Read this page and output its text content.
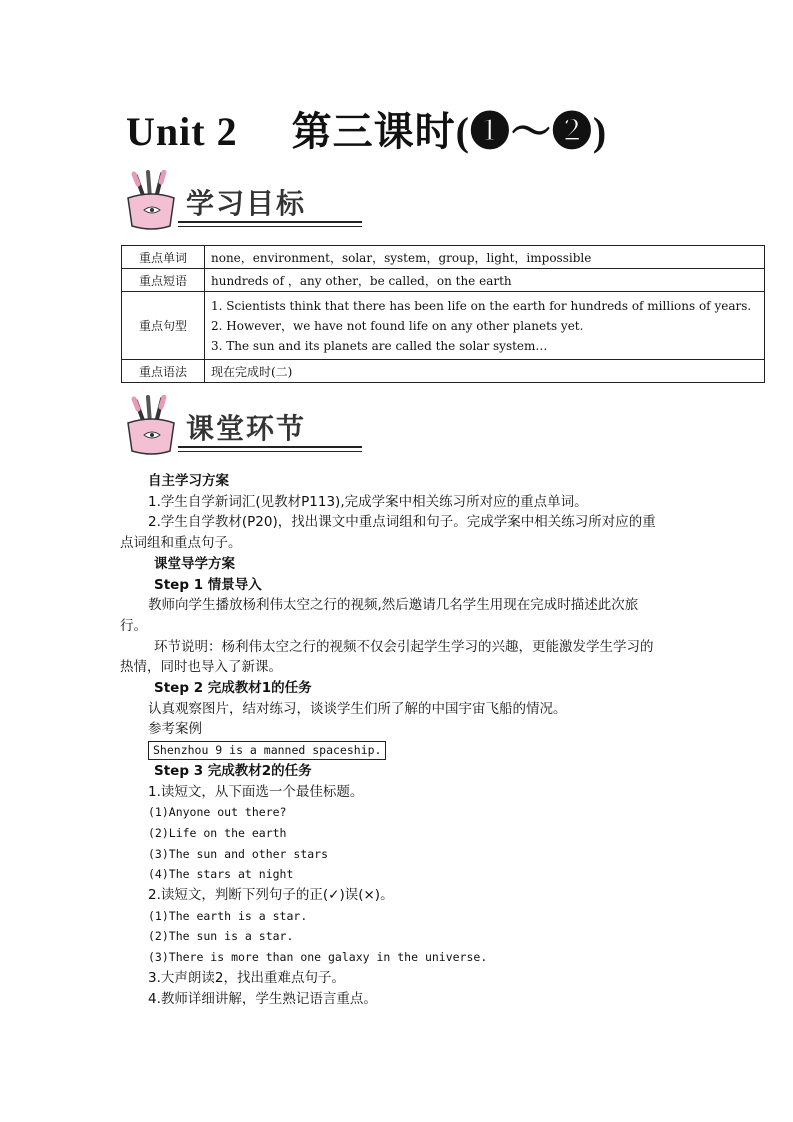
Unit 2 第三课时(❶～❷)
学习目标
重点单词	none，environment，solar，system，group，light，impossible
重点短语	hundreds of ，any other，be called，on the earth
重点句型	1. Scientists think that there has been life on the earth for hundreds of millions of years.
2. However，we have not found life on any other planets yet.
3. The sun and its planets are called the solar system…

重点语法	现在完成时(二)
课堂环节
自主学习方案
1.学生自学新词汇(见教材P113),完成学案中相关练习所对应的重点单词。
2.学生自学教材(P20)，找出课文中重点词组和句子。完成学案中相关练习所对应的重
点词组和重点句子。
课堂导学方案
Step 1 情景导入
教师向学生播放杨利伟太空之行的视频,然后邀请几名学生用现在完成时描述此次旅
行。
环节说明：杨利伟太空之行的视频不仅会引起学生学习的兴趣，更能激发学生学习的
热情，同时也导入了新课。
Step 2 完成教材1的任务
认真观察图片，结对练习，谈谈学生们所了解的中国宇宙飞船的情况。
参考案例
Shenzhou 9 is a manned spaceship.
Step 3 完成教材2的任务
1.读短文，从下面选一个最佳标题。
(1)Anyone out there?
(2)Life on the earth
(3)The sun and other stars
(4)The stars at night
2.读短文，判断下列句子的正(✓)误(×)。
(1)The earth is a star.
(2)The sun is a star.
(3)There is more than one galaxy in the universe.
3.大声朗读2，找出重难点句子。
4.教师详细讲解，学生熟记语言重点。
